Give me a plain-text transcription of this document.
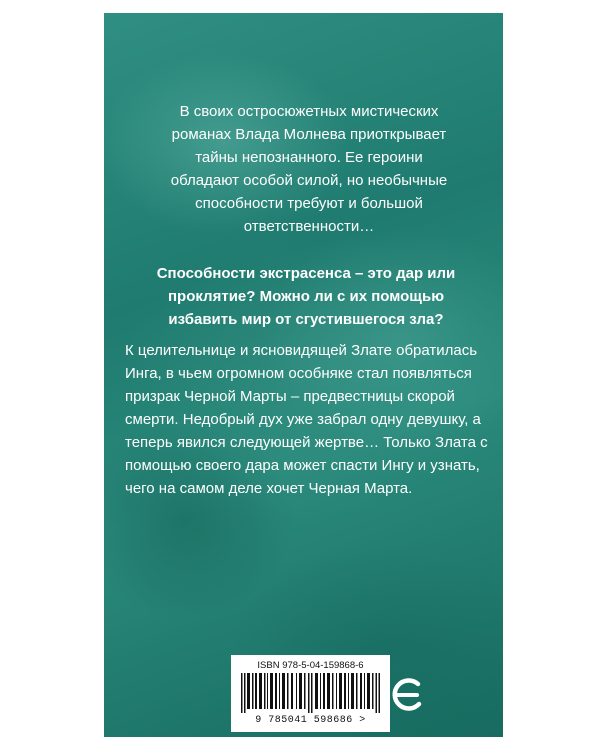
В своих остросюжетных мистических романах Влада Молнева приоткрывает тайны непознанного. Ее героини обладают особой силой, но необычные способности требуют и большой ответственности…

Способности экстрасенса – это дар или проклятие? Можно ли с их помощью избавить мир от сгустившегося зла?

К целительнице и ясновидящей Злате обратилась Инга, в чьем огромном особняке стал появляться призрак Черной Марты – предвестницы скорой смерти. Недобрый дух уже забрал одну девушку, а теперь явился следующей жертве… Только Злата с помощью своего дара может спасти Ингу и узнать, чего на самом деле хочет Черная Марта.

ISBN 978-5-04-159868-6
9 785041 598686 >
